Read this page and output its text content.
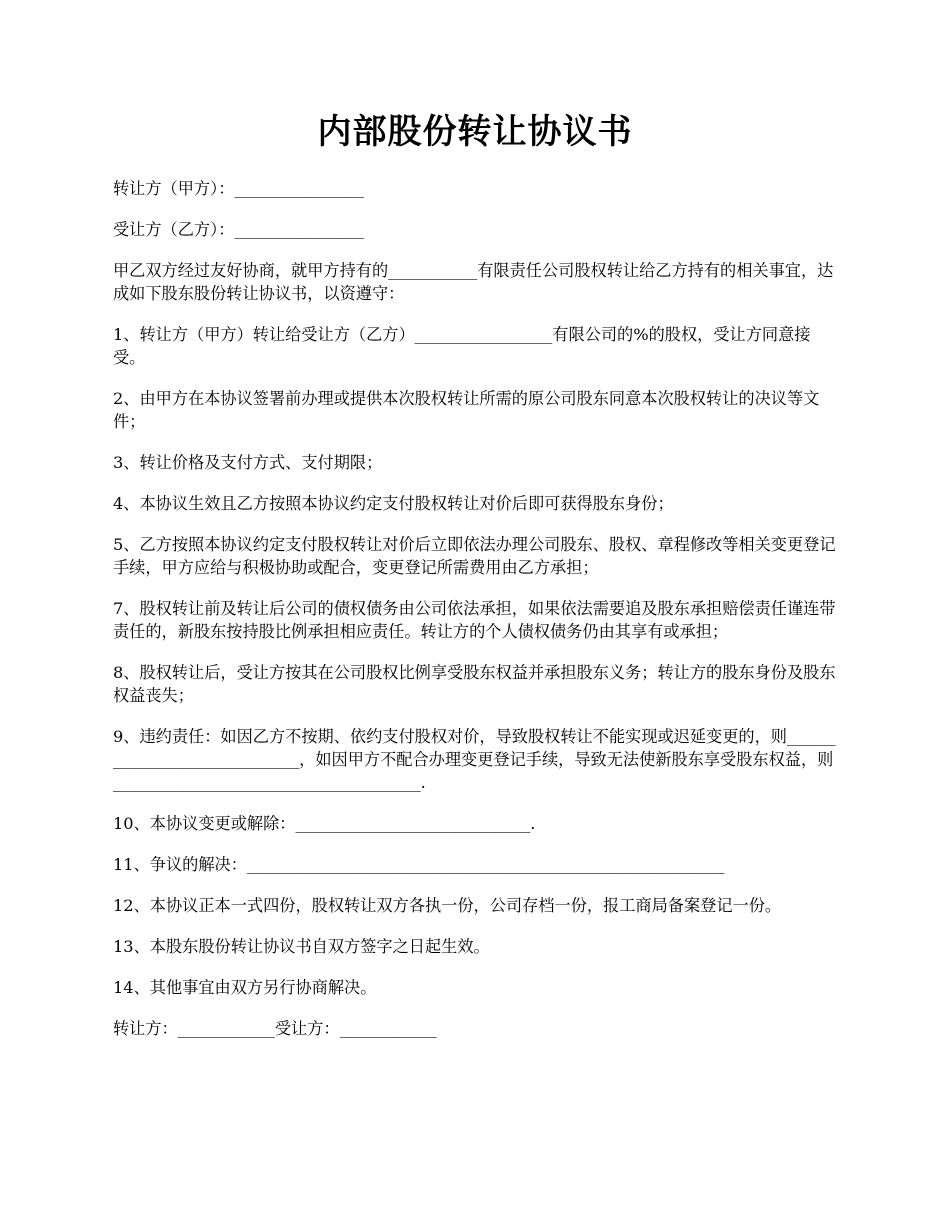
内部股份转让协议书

转让方（甲方）：________________

受让方（乙方）：________________

甲乙双方经过友好协商，就甲方持有的___________有限责任公司股权转让给乙方持有的相关事宜，达成如下股东股份转让协议书，以资遵守：

1、转让方（甲方）转让给受让方（乙方）_________________有限公司的%的股权，受让方同意接受。

2、由甲方在本协议签署前办理或提供本次股权转让所需的原公司股东同意本次股权转让的决议等文件；

3、转让价格及支付方式、支付期限；

4、本协议生效且乙方按照本协议约定支付股权转让对价后即可获得股东身份；

5、乙方按照本协议约定支付股权转让对价后立即依法办理公司股东、股权、章程修改等相关变更登记手续，甲方应给与积极协助或配合，变更登记所需费用由乙方承担；

7、股权转让前及转让后公司的债权债务由公司依法承担，如果依法需要追及股东承担赔偿责任谨连带责任的，新股东按持股比例承担相应责任。转让方的个人债权债务仍由其享有或承担；

8、股权转让后，受让方按其在公司股权比例享受股东权益并承担股东义务；转让方的股东身份及股东权益丧失；

9、违约责任：如因乙方不按期、依约支付股权对价，导致股权转让不能实现或迟延变更的，则_____________________________，如因甲方不配合办理变更登记手续，导致无法使新股东享受股东权益，则______________________________________.

10、本协议变更或解除：_____________________________.

11、争议的解决：___________________________________________________________

12、本协议正本一式四份，股权转让双方各执一份，公司存档一份，报工商局备案登记一份。

13、本股东股份转让协议书自双方签字之日起生效。

14、其他事宜由双方另行协商解决。

转让方：____________受让方：____________
